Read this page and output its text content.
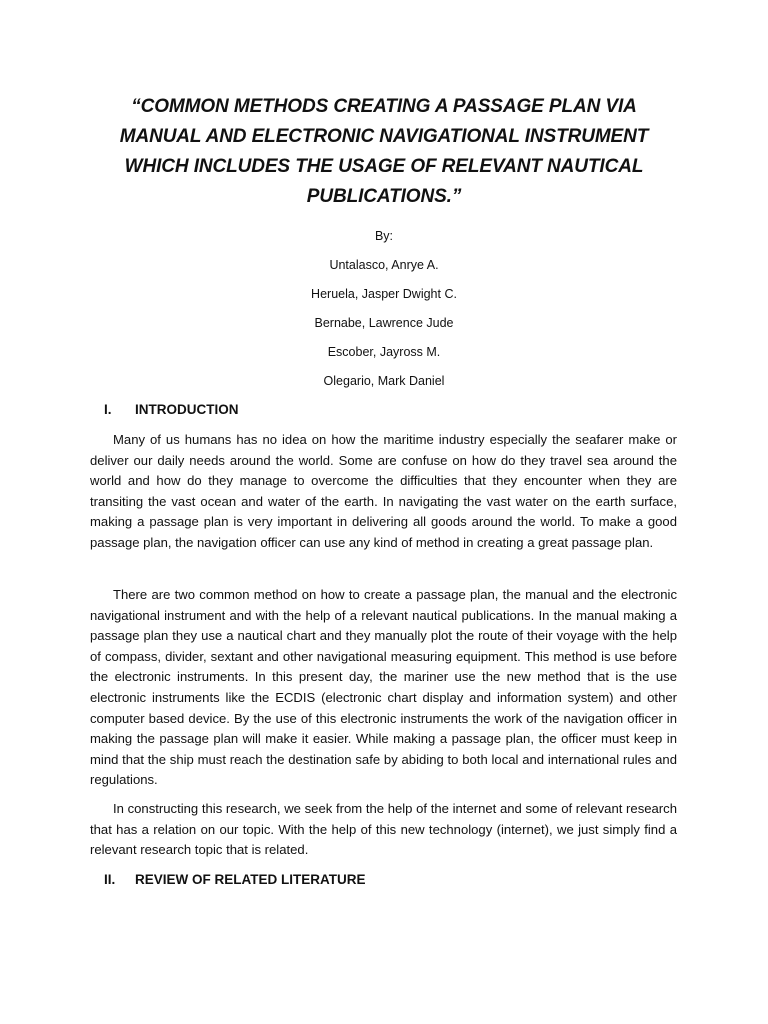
“COMMON METHODS CREATING A PASSAGE PLAN VIA MANUAL AND ELECTRONIC NAVIGATIONAL INSTRUMENT WHICH INCLUDES THE USAGE OF RELEVANT NAUTICAL PUBLICATIONS.”
By:
Untalasco, Anrye A.
Heruela, Jasper Dwight C.
Bernabe, Lawrence Jude
Escober, Jayross M.
Olegario, Mark Daniel
I. INTRODUCTION

Many of us humans has no idea on how the maritime industry especially the seafarer make or deliver our daily needs around the world. Some are confuse on how do they travel sea around the world and how do they manage to overcome the difficulties that they encounter when they are transiting the vast ocean and water of the earth. In navigating the vast water on the earth surface, making a passage plan is very important in delivering all goods around the world. To make a good passage plan, the navigation officer can use any kind of method in creating a great passage plan.

There are two common method on how to create a passage plan, the manual and the electronic navigational instrument and with the help of a relevant nautical publications. In the manual making a passage plan they use a nautical chart and they manually plot the route of their voyage with the help of compass, divider, sextant and other navigational measuring equipment. This method is use before the electronic instruments. In this present day, the mariner use the new method that is the use electronic instruments like the ECDIS (electronic chart display and information system) and other computer based device. By the use of this electronic instruments the work of the navigation officer in making the passage plan will make it easier. While making a passage plan, the officer must keep in mind that the ship must reach the destination safe by abiding to both local and international rules and regulations.

In constructing this research, we seek from the help of the internet and some of relevant research that has a relation on our topic. With the help of this new technology (internet), we just simply find a relevant research topic that is related.

II. REVIEW OF RELATED LITERATURE
